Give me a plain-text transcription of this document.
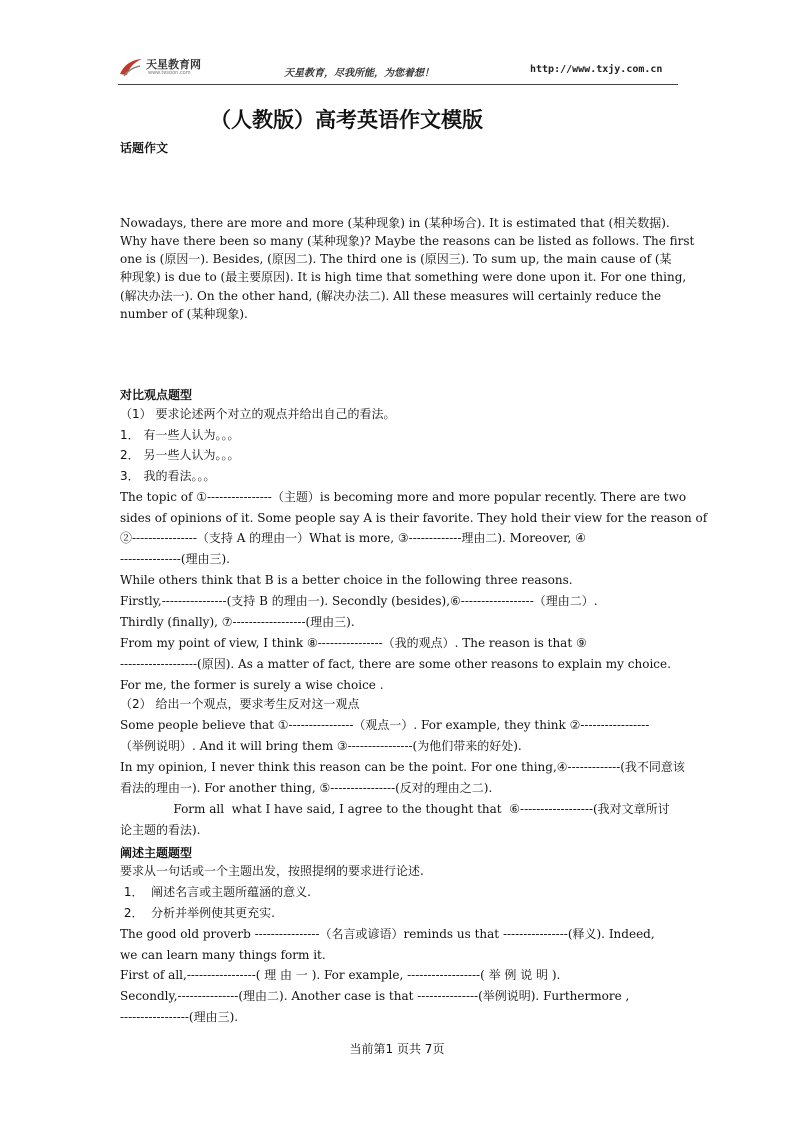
天星教育网
www.tesoon.com	天星教育，尽我所能，为您着想！	http://www.txjy.com.cn
（人教版）高考英语作文模版
话题作文
Nowadays, there are more and more (某种现象) in (某种场合). It is estimated that (相关数据).
Why have there been so many (某种现象)? Maybe the reasons can be listed as follows. The first
one is (原因一). Besides, (原因二). The third one is (原因三). To sum up, the main cause of (某
种现象) is due to (最主要原因). It is high time that something were done upon it. For one thing,
(解决办法一). On the other hand, (解决办法二). All these measures will certainly reduce the
number of (某种现象).
对比观点题型
（1） 要求论述两个对立的观点并给出自己的看法。
1． 有一些人认为。。。
2． 另一些人认为。。。
3． 我的看法。。。
The topic of ①----------------（主题）is becoming more and more popular recently. There are two
sides of opinions of it. Some people say A is their favorite. They hold their view for the reason of
②----------------（支持 A 的理由一）What is more, ③-------------理由二). Moreover, ④
---------------(理由三).
While others think that B is a better choice in the following three reasons.
Firstly,----------------(支持 B 的理由一). Secondly (besides),⑥------------------（理由二）.
Thirdly (finally), ⑦------------------(理由三).
From my point of view, I think ⑧----------------（我的观点）. The reason is that ⑨
-------------------(原因). As a matter of fact, there are some other reasons to explain my choice.
For me, the former is surely a wise choice .
（2） 给出一个观点，要求考生反对这一观点
Some people believe that ①----------------（观点一）. For example, they think ②-----------------
（举例说明）. And it will bring them ③----------------(为他们带来的好处).
In my opinion, I never think this reason can be the point. For one thing,④-------------(我不同意该
看法的理由一). For another thing, ⑤----------------(反对的理由之二).
Form all  what I have said, I agree to the thought that  ⑥------------------(我对文章所讨
论主题的看法).
阐述主题题型
要求从一句话或一个主题出发，按照提纲的要求进行论述.
1．  阐述名言或主题所蕴涵的意义.
2．  分析并举例使其更充实.
The good old proverb ----------------（名言或谚语）reminds us that ----------------(释义). Indeed,
we can learn many things form it.
First of all,-----------------( 理 由 一 ). For example, ------------------( 举 例 说 明 ).
Secondly,---------------(理由二). Another case is that ---------------(举例说明). Furthermore ,
-----------------(理由三).
当前第1 页共 7页
